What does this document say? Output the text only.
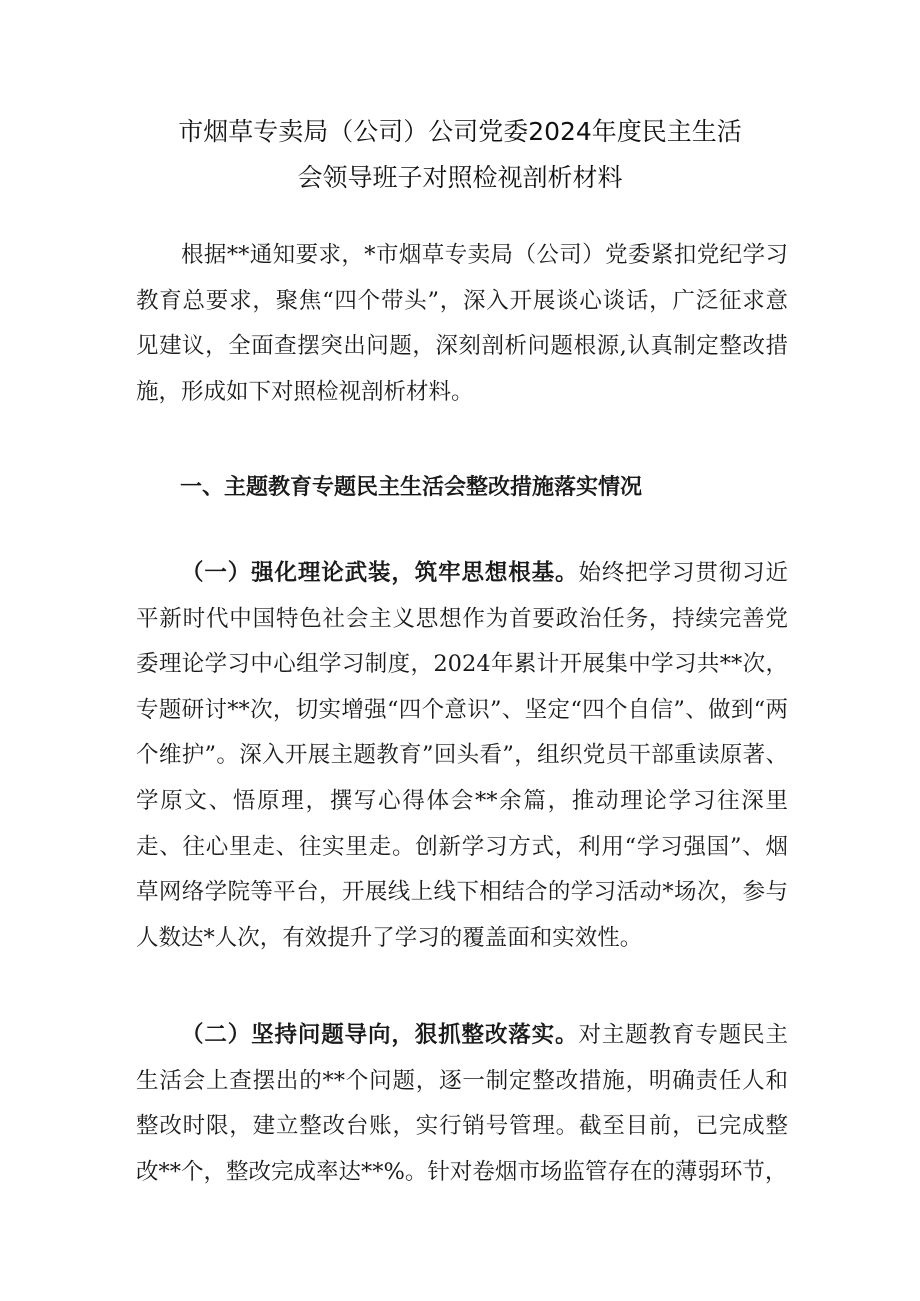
市烟草专卖局（公司）公司党委2024年度民主生活
会领导班子对照检视剖析材料

根据**通知要求，*市烟草专卖局（公司）党委紧扣党纪学习教育总要求，聚焦“四个带头”，深入开展谈心谈话，广泛征求意见建议，全面查摆突出问题，深刻剖析问题根源,认真制定整改措施，形成如下对照检视剖析材料。

一、主题教育专题民主生活会整改措施落实情况

（一）强化理论武装，筑牢思想根基。始终把学习贯彻习近平新时代中国特色社会主义思想作为首要政治任务，持续完善党委理论学习中心组学习制度，2024年累计开展集中学习共**次，专题研讨**次，切实增强“四个意识”、坚定“四个自信”、做到“两个维护”。深入开展主题教育”回头看”，组织党员干部重读原著、学原文、悟原理，撰写心得体会**余篇，推动理论学习往深里走、往心里走、往实里走。创新学习方式，利用“学习强国”、烟草网络学院等平台，开展线上线下相结合的学习活动*场次，参与人数达*人次，有效提升了学习的覆盖面和实效性。

（二）坚持问题导向，狠抓整改落实。对主题教育专题民主生活会上查摆出的**个问题，逐一制定整改措施，明确责任人和整改时限，建立整改台账，实行销号管理。截至目前，已完成整改**个，整改完成率达**%。针对卷烟市场监管存在的薄弱环节，
